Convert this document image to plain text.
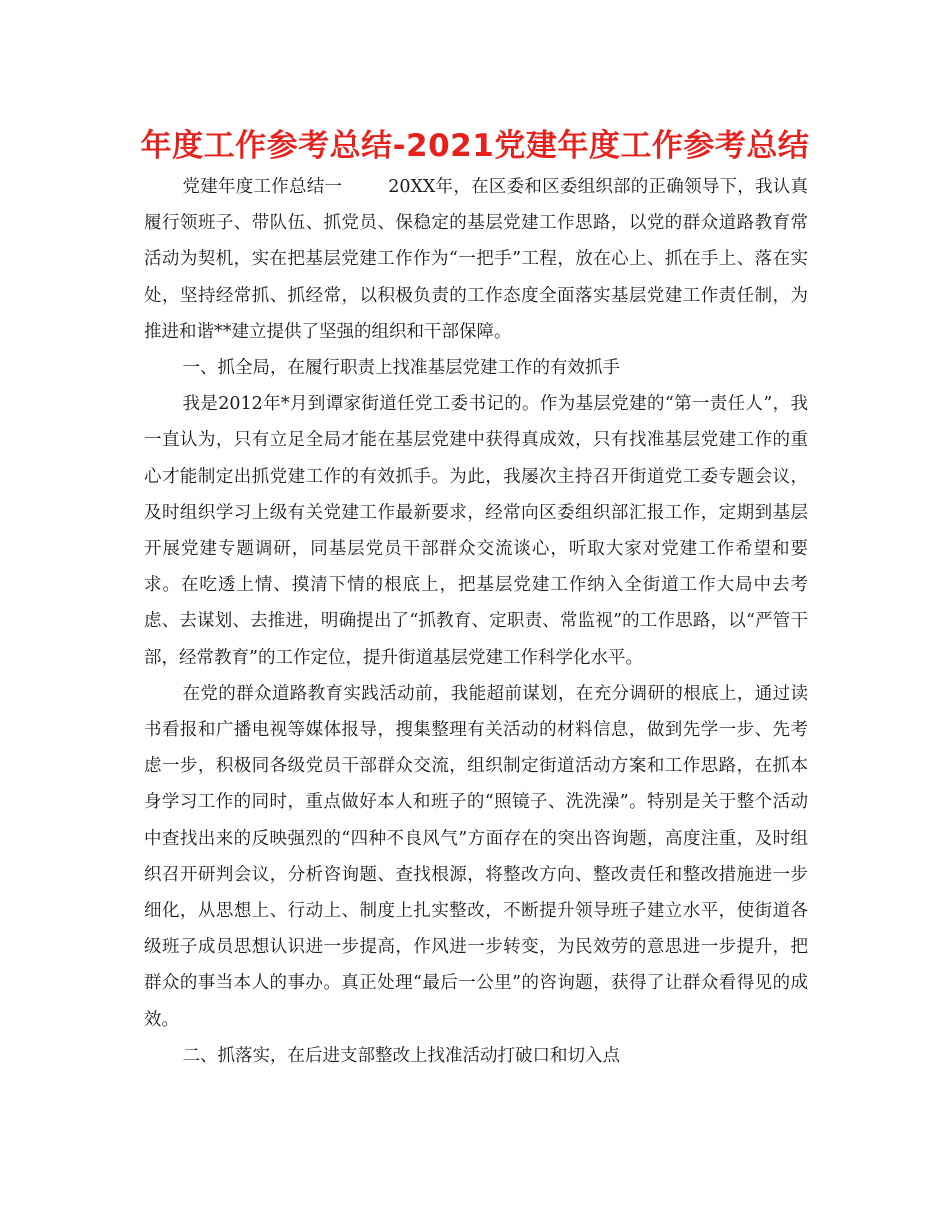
年度工作参考总结-2021党建年度工作参考总结

党建年度工作总结一	20XX年，在区委和区委组织部的正确领导下，我认真履行领班子、带队伍、抓党员、保稳定的基层党建工作思路，以党的群众道路教育常活动为契机，实在把基层党建工作作为“一把手”工程，放在心上、抓在手上、落在实处，坚持经常抓、抓经常，以积极负责的工作态度全面落实基层党建工作责任制，为推进和谐**建立提供了坚强的组织和干部保障。

一、抓全局，在履行职责上找准基层党建工作的有效抓手

我是2012年*月到谭家街道任党工委书记的。作为基层党建的“第一责任人”，我一直认为，只有立足全局才能在基层党建中获得真成效，只有找准基层党建工作的重心才能制定出抓党建工作的有效抓手。为此，我屡次主持召开街道党工委专题会议，及时组织学习上级有关党建工作最新要求，经常向区委组织部汇报工作，定期到基层开展党建专题调研，同基层党员干部群众交流谈心，听取大家对党建工作希望和要求。在吃透上情、摸清下情的根底上，把基层党建工作纳入全街道工作大局中去考虑、去谋划、去推进，明确提出了“抓教育、定职责、常监视”的工作思路，以“严管干部，经常教育”的工作定位，提升街道基层党建工作科学化水平。

在党的群众道路教育实践活动前，我能超前谋划，在充分调研的根底上，通过读书看报和广播电视等媒体报导，搜集整理有关活动的材料信息，做到先学一步、先考虑一步，积极同各级党员干部群众交流，组织制定街道活动方案和工作思路，在抓本身学习工作的同时，重点做好本人和班子的“照镜子、洗洗澡”。特别是关于整个活动中查找出来的反映强烈的“四种不良风气”方面存在的突出咨询题，高度注重，及时组织召开研判会议，分析咨询题、查找根源，将整改方向、整改责任和整改措施进一步细化，从思想上、行动上、制度上扎实整改，不断提升领导班子建立水平，使街道各级班子成员思想认识进一步提高，作风进一步转变，为民效劳的意思进一步提升，把群众的事当本人的事办。真正处理“最后一公里”的咨询题，获得了让群众看得见的成效。

二、抓落实，在后进支部整改上找准活动打破口和切入点
